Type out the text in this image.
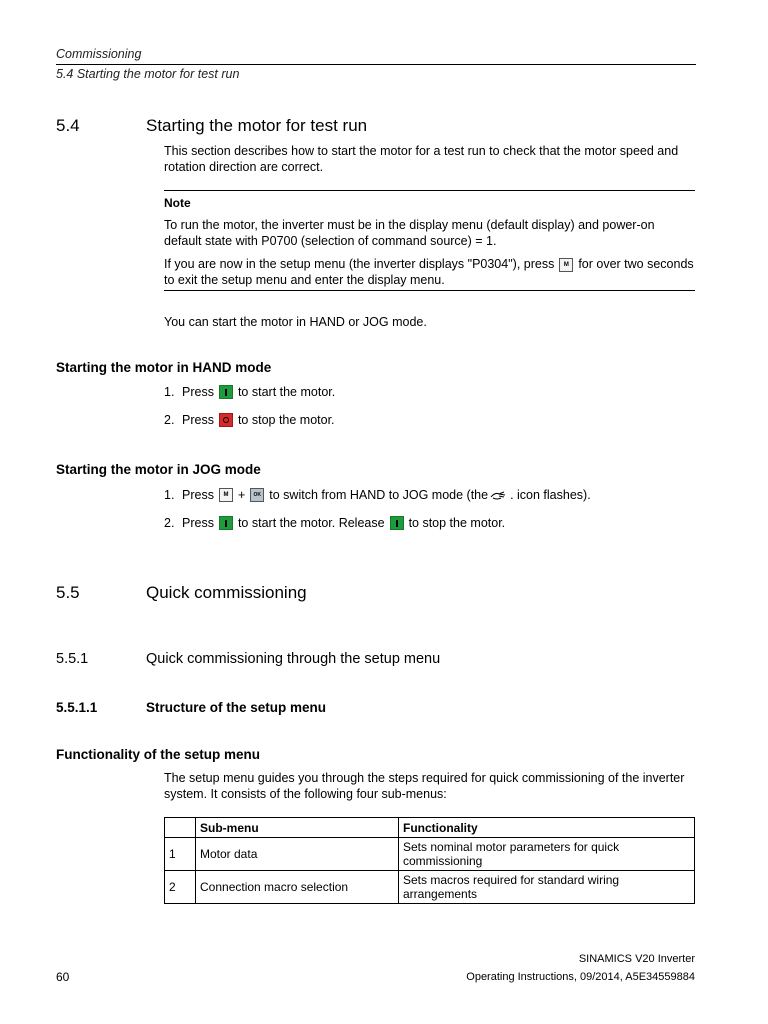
Commissioning
5.4 Starting the motor for test run
5.4	Starting the motor for test run
This section describes how to start the motor for a test run to check that the motor speed and rotation direction are correct.
Note
To run the motor, the inverter must be in the display menu (default display) and power-on default state with P0700 (selection of command source) = 1.
If you are now in the setup menu (the inverter displays "P0304"), press M for over two seconds to exit the setup menu and enter the display menu.
You can start the motor in HAND or JOG mode.
Starting the motor in HAND mode
1. Press to start the motor.
2. Press to stop the motor.
Starting the motor in JOG mode
1. Press	M +	OK to switch from HAND to JOG mode (the . icon flashes).
2. Press to start the motor. Release to stop the motor.
5.5	Quick commissioning
5.5.1	Quick commissioning through the setup menu
5.5.1.1	Structure of the setup menu
Functionality of the setup menu
The setup menu guides you through the steps required for quick commissioning of the inverter system. It consists of the following four sub-menus:
	Sub-menu	Functionality
1	Motor data	Sets nominal motor parameters for quick commissioning
2	Connection macro selection	Sets macros required for standard wiring arrangements
SINAMICS V20 Inverter
Operating Instructions, 09/2014, A5E34559884
60
